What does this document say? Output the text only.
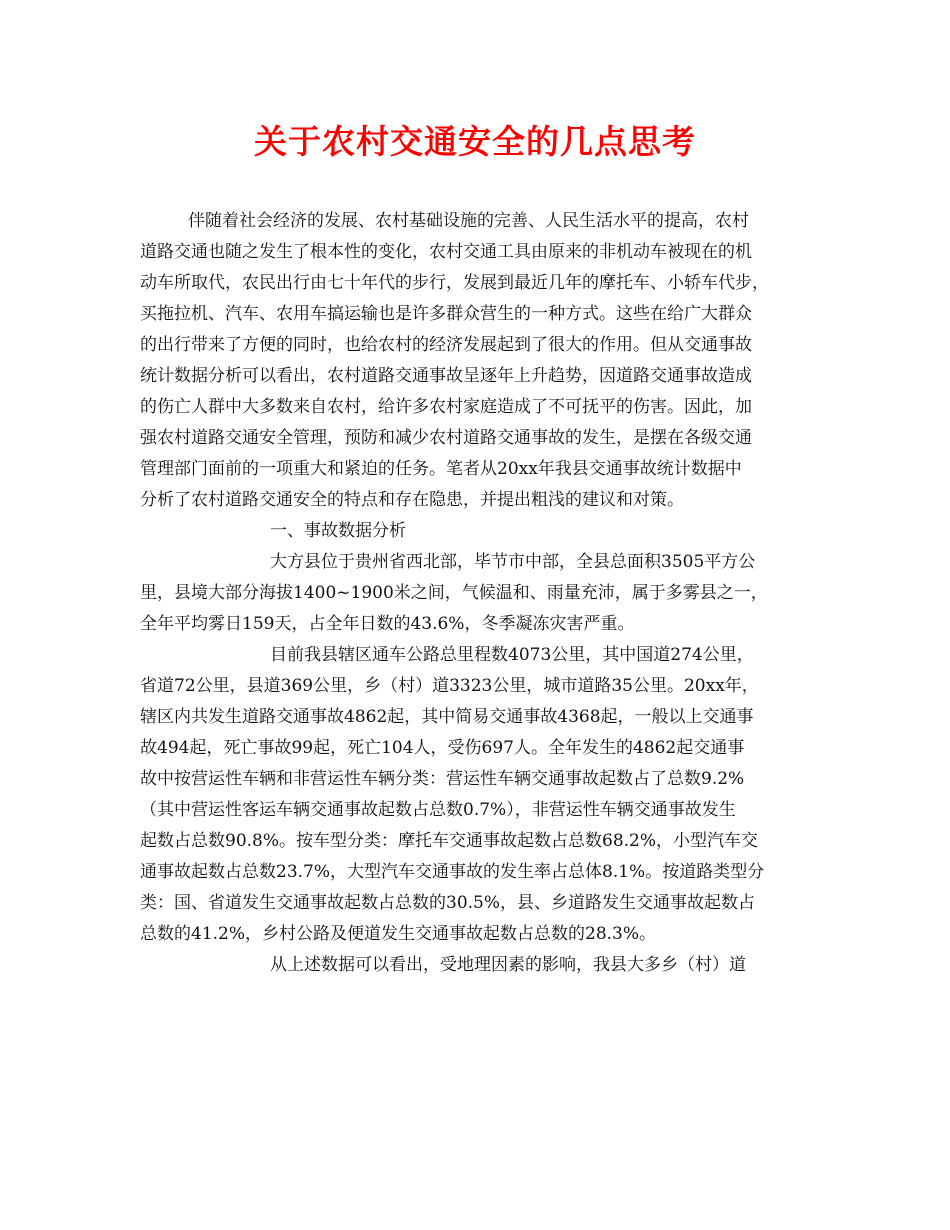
关于农村交通安全的几点思考
伴随着社会经济的发展、农村基础设施的完善、人民生活水平的提高，农村
道路交通也随之发生了根本性的变化，农村交通工具由原来的非机动车被现在的机
动车所取代，农民出行由七十年代的步行，发展到最近几年的摩托车、小轿车代步，
买拖拉机、汽车、农用车搞运输也是许多群众营生的一种方式。这些在给广大群众
的出行带来了方便的同时，也给农村的经济发展起到了很大的作用。但从交通事故
统计数据分析可以看出，农村道路交通事故呈逐年上升趋势，因道路交通事故造成
的伤亡人群中大多数来自农村，给许多农村家庭造成了不可抚平的伤害。因此，加
强农村道路交通安全管理，预防和减少农村道路交通事故的发生，是摆在各级交通
管理部门面前的一项重大和紧迫的任务。笔者从20xx年我县交通事故统计数据中
分析了农村道路交通安全的特点和存在隐患，并提出粗浅的建议和对策。
一、事故数据分析
大方县位于贵州省西北部，毕节市中部，全县总面积3505平方公
里，县境大部分海拔1400~1900米之间，气候温和、雨量充沛，属于多雾县之一，
全年平均雾日159天，占全年日数的43.6%，冬季凝冻灾害严重。
目前我县辖区通车公路总里程数4073公里，其中国道274公里，
省道72公里，县道369公里，乡（村）道3323公里，城市道路35公里。20xx年，
辖区内共发生道路交通事故4862起，其中简易交通事故4368起，一般以上交通事
故494起，死亡事故99起，死亡104人，受伤697人。全年发生的4862起交通事
故中按营运性车辆和非营运性车辆分类：营运性车辆交通事故起数占了总数9.2%
（其中营运性客运车辆交通事故起数占总数0.7%），非营运性车辆交通事故发生
起数占总数90.8%。按车型分类：摩托车交通事故起数占总数68.2%，小型汽车交
通事故起数占总数23.7%，大型汽车交通事故的发生率占总体8.1%。按道路类型分
类：国、省道发生交通事故起数占总数的30.5%，县、乡道路发生交通事故起数占
总数的41.2%，乡村公路及便道发生交通事故起数占总数的28.3%。
从上述数据可以看出，受地理因素的影响，我县大多乡（村）道
